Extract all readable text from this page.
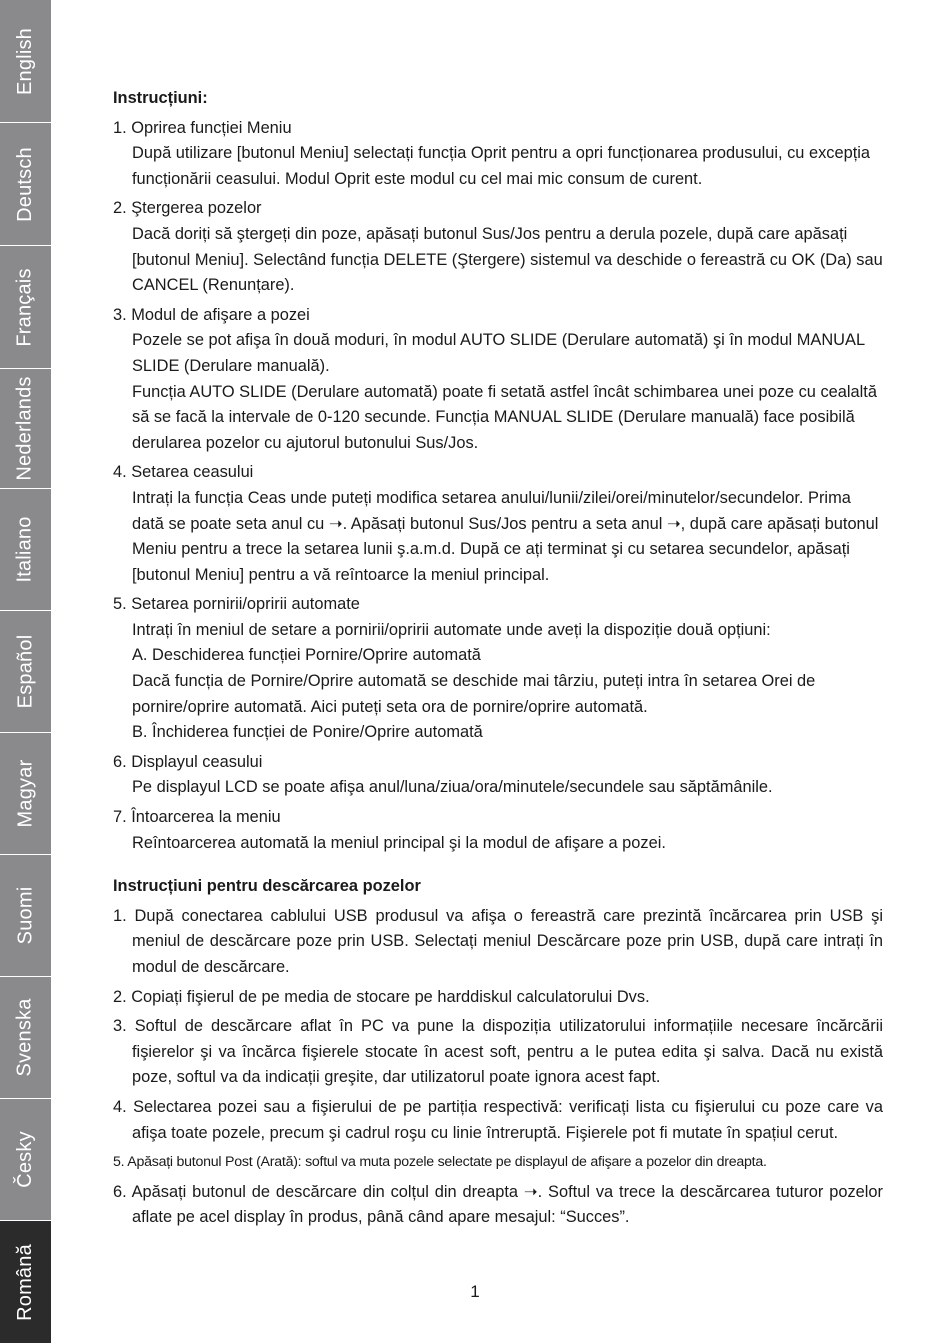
English
Deutsch
Français
Nederlands
Italiano
Español
Magyar
Suomi
Svenska
Česky
Română
Instrucțiuni:
1. Oprirea funcției Meniu
După utilizare [butonul Meniu] selectați funcția Oprit pentru a opri funcționarea produsului, cu excepția funcționării ceasului. Modul Oprit este modul cu cel mai mic consum de curent.
2. Ştergerea pozelor
Dacă doriți să ştergeți din poze, apăsați butonul Sus/Jos pentru a derula pozele, după care apăsați [butonul Meniu]. Selectând funcția DELETE (Ştergere) sistemul va deschide o fereastră cu OK (Da) sau CANCEL (Renunțare).
3. Modul de afişare a pozei
Pozele se pot afişa în două moduri, în modul AUTO SLIDE (Derulare automată) şi în modul MANUAL SLIDE (Derulare manuală).
Funcția AUTO SLIDE (Derulare automată) poate fi setată astfel încât schimbarea unei poze cu cealaltă să se facă la intervale de 0-120 secunde. Funcția MANUAL SLIDE (Derulare manuală) face posibilă derularea pozelor cu ajutorul butonului Sus/Jos.
4. Setarea ceasului
Intrați la funcția Ceas unde puteți modifica setarea anului/lunii/zilei/orei/minutelor/secundelor. Prima dată se poate seta anul cu ➝. Apăsați butonul Sus/Jos pentru a seta anul ➝, după care apăsați butonul Meniu pentru a trece la setarea lunii ş.a.m.d. După ce ați terminat şi cu setarea secundelor, apăsați [butonul Meniu] pentru a vă reîntoarce la meniul principal.
5. Setarea pornirii/opririi automate
Intrați în meniul de setare a pornirii/opririi automate unde aveți la dispoziție două opțiuni:
A. Deschiderea funcției Pornire/Oprire automată
Dacă funcția de Pornire/Oprire automată se deschide mai târziu, puteți intra în setarea Orei de pornire/oprire automată. Aici puteți seta ora de pornire/oprire automată.
B. Închiderea funcției de Ponire/Oprire automată
6. Displayul ceasului
Pe displayul LCD se poate afişa anul/luna/ziua/ora/minutele/secundele sau săptămânile.
7. Întoarcerea la meniu
Reîntoarcerea automată la meniul principal şi la modul de afişare a pozei.
Instrucțiuni pentru descărcarea pozelor
1. După conectarea cablului USB produsul va afişa o fereastră care prezintă încărcarea prin USB şi meniul de descărcare poze prin USB. Selectați meniul Descărcare poze prin USB, după care intrați în modul de descărcare.
2. Copiați fişierul de pe media de stocare pe harddiskul calculatorului Dvs.
3. Softul de descărcare aflat în PC va pune la dispoziția utilizatorului informațiile necesare încărcării fişierelor şi va încărca fişierele stocate în acest soft, pentru a le putea edita şi salva. Dacă nu există poze, softul va da indicații greşite, dar utilizatorul poate ignora acest fapt.
4. Selectarea pozei sau a fişierului de pe partiția respectivă: verificați lista cu fişierului cu poze care va afişa toate pozele, precum şi cadrul roşu cu linie întreruptă. Fişierele pot fi mutate în spațiul cerut.
5. Apăsați butonul Post (Arată): softul va muta pozele selectate pe displayul de afişare a pozelor din dreapta.
6. Apăsați butonul de descărcare din colțul din dreapta ➝. Softul va trece la descărcarea tuturor pozelor aflate pe acel display în produs, până când apare mesajul: “Succes”.
1
